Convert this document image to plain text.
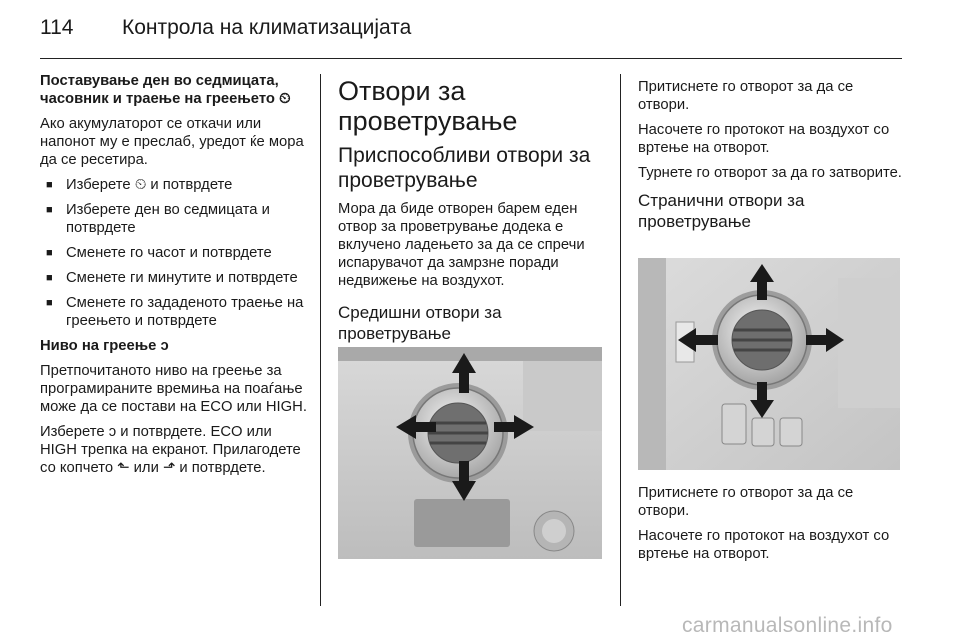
114 Контрола на климатизацијата

Поставување ден во седмицата, часовник и траење на греењето ⏲

Ако акумулаторот се откачи или напонот му е преслаб, уредот ќе мора да се ресетира.

■ Изберете ⏲ и потврдете
■ Изберете ден во седмицата и потврдете
■ Сменете го часот и потврдете
■ Сменете ги минутите и потврдете
■ Сменете го зададеното траење на греењето и потврдете

Ниво на греење ↄ

Претпочитаното ниво на греење за програмираните времиња на поаѓање може да се постави на ECO или HIGH.

Изберете ↄ и потврдете. ECO или HIGH трепка на екранот. Прилагодете со копчето ⬑ или ⬏ и потврдете.

Отвори за проветрување

Приспособливи отвори за проветрување

Мора да биде отворен барем еден отвор за проветрување додека е вклучено ладењето за да се спречи испарувачот да замрзне поради недвижење на воздухот.

Средишни отвори за проветрување

Притиснете го отворот за да се отвори.

Насочете го протокот на воздухот со вртење на отворот.

Турнете го отворот за да го затворите.

Странични отвори за проветрување

Притиснете го отворот за да се отвори.

Насочете го протокот на воздухот со вртење на отворот.

carmanualsonline.info
